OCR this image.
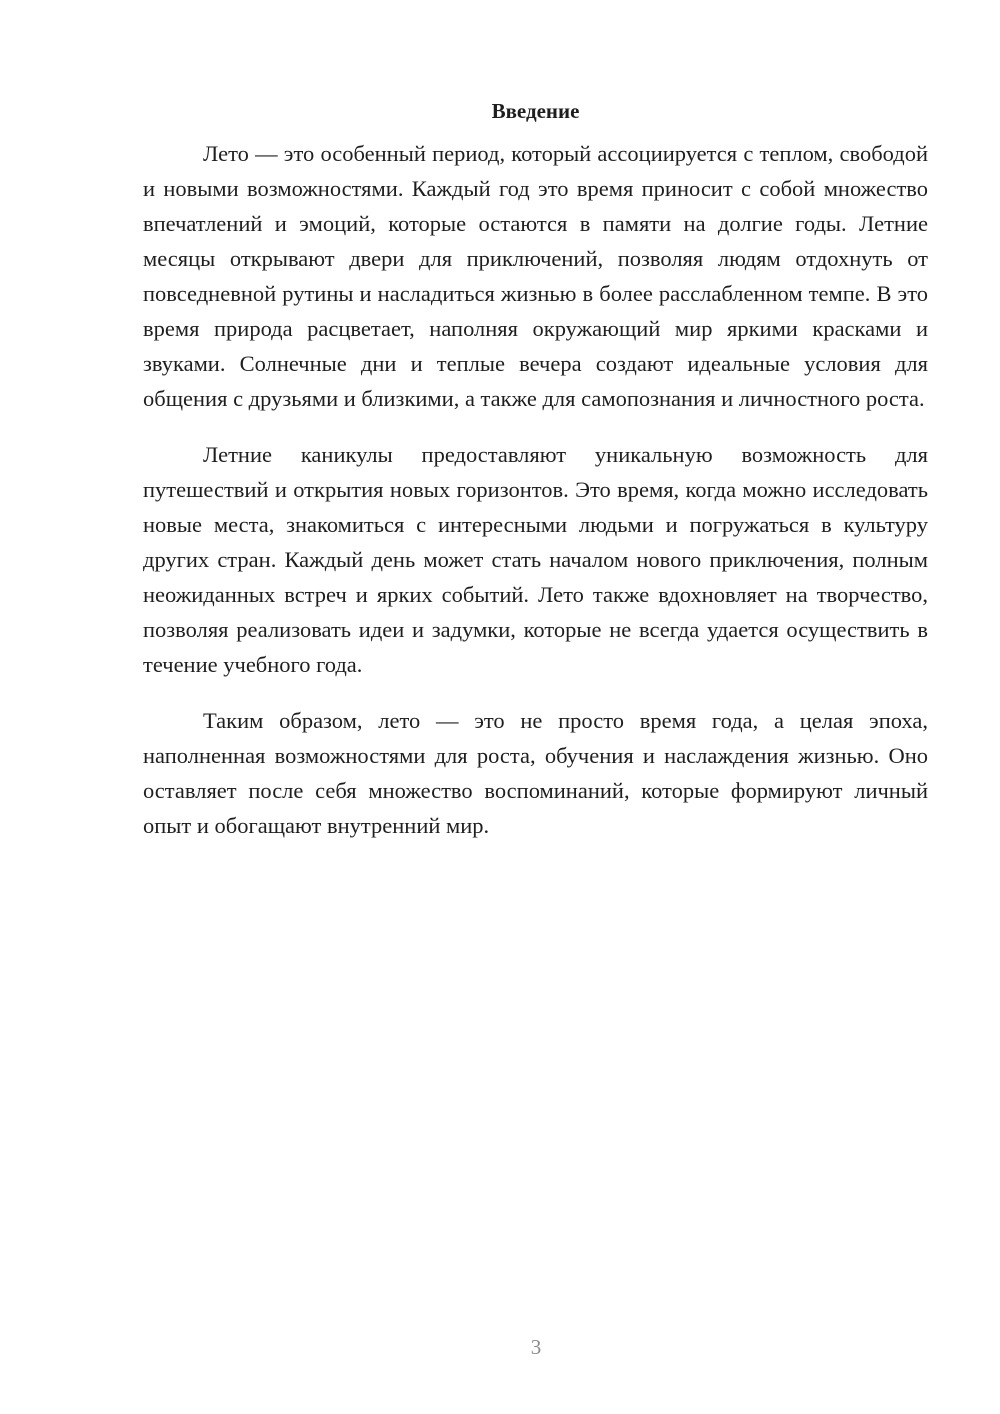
Введение

Лето — это особенный период, который ассоциируется с теплом, свободой и новыми возможностями. Каждый год это время приносит с собой множество впечатлений и эмоций, которые остаются в памяти на долгие годы. Летние месяцы открывают двери для приключений, позволяя людям отдохнуть от повседневной рутины и насладиться жизнью в более расслабленном темпе. В это время природа расцветает, наполняя окружающий мир яркими красками и звуками. Солнечные дни и теплые вечера создают идеальные условия для общения с друзьями и близкими, а также для самопознания и личностного роста.

Летние каникулы предоставляют уникальную возможность для путешествий и открытия новых горизонтов. Это время, когда можно исследовать новые места, знакомиться с интересными людьми и погружаться в культуру других стран. Каждый день может стать началом нового приключения, полным неожиданных встреч и ярких событий. Лето также вдохновляет на творчество, позволяя реализовать идеи и задумки, которые не всегда удается осуществить в течение учебного года.

Таким образом, лето — это не просто время года, а целая эпоха, наполненная возможностями для роста, обучения и наслаждения жизнью. Оно оставляет после себя множество воспоминаний, которые формируют личный опыт и обогащают внутренний мир.

3
